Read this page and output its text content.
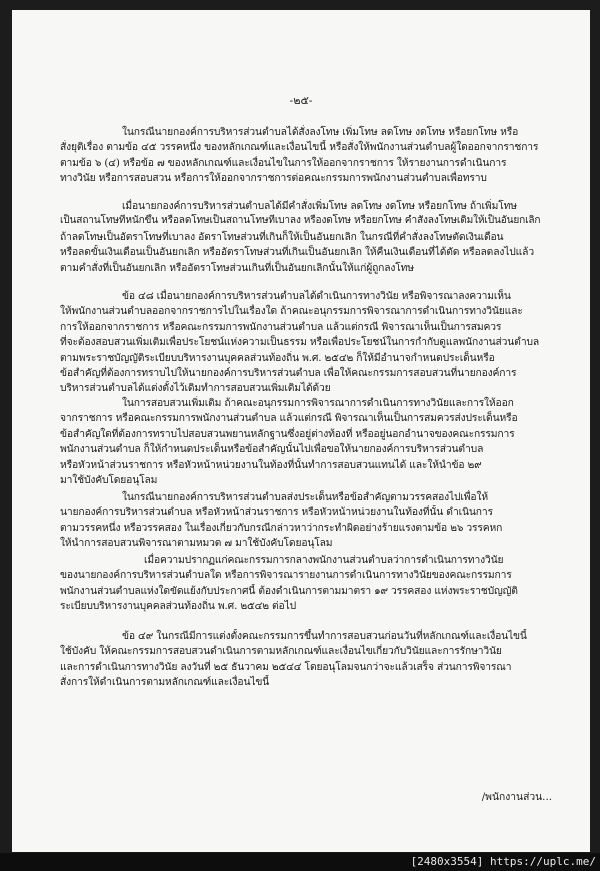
-๒๕-
ในกรณีนายกองค์การบริหารส่วนตำบลได้สั่งลงโทษ เพิ่มโทษ ลดโทษ งดโทษ หรือยกโทษ หรือ
สั่งยุติเรื่อง ตามข้อ ๔๕ วรรคหนึ่ง ของหลักเกณฑ์และเงื่อนไขนี้ หรือสั่งให้พนักงานส่วนตำบลผู้ใดออกจากราชการ
ตามข้อ ๖ (๔) หรือข้อ ๗ ของหลักเกณฑ์และเงื่อนไขในการให้ออกจากราชการ ให้รายงานการดำเนินการ
ทางวินัย หรือการสอบสวน หรือการให้ออกจากราชการต่อคณะกรรมการพนักงานส่วนตำบลเพื่อทราบ
เมื่อนายกองค์การบริหารส่วนตำบลได้มีคำสั่งเพิ่มโทษ ลดโทษ งดโทษ หรือยกโทษ ถ้าเพิ่มโทษ
เป็นสถานโทษที่หนักขึ้น หรือลดโทษเป็นสถานโทษที่เบาลง หรืองดโทษ หรือยกโทษ คำสั่งลงโทษเดิมให้เป็นอันยกเลิก
ถ้าลดโทษเป็นอัตราโทษที่เบาลง อัตราโทษส่วนที่เกินก็ให้เป็นอันยกเลิก ในกรณีที่คำสั่งลงโทษตัดเงินเดือน
หรือลดขั้นเงินเดือนเป็นอันยกเลิก หรืออัตราโทษส่วนที่เกินเป็นอันยกเลิก ให้คืนเงินเดือนที่ได้ตัด หรือลดลงไปแล้ว
ตามคำสั่งที่เป็นอันยกเลิก หรืออัตราโทษส่วนเกินที่เป็นอันยกเลิกนั้นให้แก่ผู้ถูกลงโทษ
ข้อ ๔๘ เมื่อนายกองค์การบริหารส่วนตำบลได้ดำเนินการทางวินัย หรือพิจารณาลงความเห็น
ให้พนักงานส่วนตำบลออกจากราชการไปในเรื่องใด ถ้าคณะอนุกรรมการพิจารณาการดำเนินการทางวินัยและ
การให้ออกจากราชการ หรือคณะกรรมการพนักงานส่วนตำบล แล้วแต่กรณี พิจารณาเห็นเป็นการสมควร
ที่จะต้องสอบสวนเพิ่มเติมเพื่อประโยชน์แห่งความเป็นธรรม หรือเพื่อประโยชน์ในการกำกับดูแลพนักงานส่วนตำบล
ตามพระราชบัญญัติระเบียบบริหารงานบุคคลส่วนท้องถิ่น พ.ศ. ๒๕๔๒ ก็ให้มีอำนาจกำหนดประเด็นหรือ
ข้อสำคัญที่ต้องการทราบไปให้นายกองค์การบริหารส่วนตำบล เพื่อให้คณะกรรมการสอบสวนที่นายกองค์การ
บริหารส่วนตำบลได้แต่งตั้งไว้เดิมทำการสอบสวนเพิ่มเติมได้ด้วย
ในการสอบสวนเพิ่มเติม ถ้าคณะอนุกรรมการพิจารณาการดำเนินการทางวินัยและการให้ออก
จากราชการ หรือคณะกรรมการพนักงานส่วนตำบล แล้วแต่กรณี พิจารณาเห็นเป็นการสมควรส่งประเด็นหรือ
ข้อสำคัญใดที่ต้องการทราบไปสอบสวนพยานหลักฐานซึ่งอยู่ต่างท้องที่ หรืออยู่นอกอำนาจของคณะกรรมการ
พนักงานส่วนตำบล ก็ให้กำหนดประเด็นหรือข้อสำคัญนั้นไปเพื่อขอให้นายกองค์การบริหารส่วนตำบล
หรือหัวหน้าส่วนราชการ หรือหัวหน้าหน่วยงานในท้องที่นั้นทำการสอบสวนแทนได้ และให้นำข้อ ๒๙
มาใช้บังคับโดยอนุโลม
ในกรณีนายกองค์การบริหารส่วนตำบลส่งประเด็นหรือข้อสำคัญตามวรรคสองไปเพื่อให้
นายกองค์การบริหารส่วนตำบล หรือหัวหน้าส่วนราชการ หรือหัวหน้าหน่วยงานในท้องที่นั้น ดำเนินการ
ตามวรรคหนึ่ง หรือวรรคสอง ในเรื่องเกี่ยวกับกรณีกล่าวหาว่ากระทำผิดอย่างร้ายแรงตามข้อ ๒๖ วรรคหก
ให้นำการสอบสวนพิจารณาตามหมวด ๗ มาใช้บังคับโดยอนุโลม
เมื่อความปรากฏแก่คณะกรรมการกลางพนักงานส่วนตำบลว่าการดำเนินการทางวินัย
ของนายกองค์การบริหารส่วนตำบลใด หรือการพิจารณารายงานการดำเนินการทางวินัยของคณะกรรมการ
พนักงานส่วนตำบลแห่งใดขัดแย้งกับประกาศนี้ ต้องดำเนินการตามมาตรา ๑๙ วรรคสอง แห่งพระราชบัญญัติ
ระเบียบบริหารงานบุคคลส่วนท้องถิ่น พ.ศ. ๒๕๔๒ ต่อไป
ข้อ ๔๙ ในกรณีมีการแต่งตั้งคณะกรรมการขึ้นทำการสอบสวนก่อนวันที่หลักเกณฑ์และเงื่อนไขนี้
ใช้บังคับ ให้คณะกรรมการสอบสวนดำเนินการตามหลักเกณฑ์และเงื่อนไขเกี่ยวกับวินัยและการรักษาวินัย
และการดำเนินการทางวินัย ลงวันที่ ๒๕ ธันวาคม ๒๕๔๔ โดยอนุโลมจนกว่าจะแล้วเสร็จ ส่วนการพิจารณา
สั่งการให้ดำเนินการตามหลักเกณฑ์และเงื่อนไขนี้
/พนักงานส่วน...
[2480x3554] https://uplc.me/
